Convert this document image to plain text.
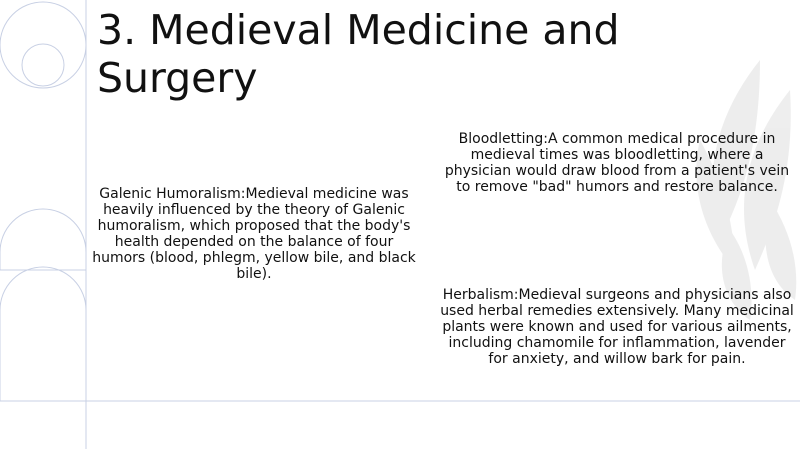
3. Medieval Medicine and Surgery
Galenic Humoralism:Medieval medicine was heavily influenced by the theory of Galenic humoralism, which proposed that the body's health depended on the balance of four humors (blood, phlegm, yellow bile, and black bile).
Bloodletting:A common medical procedure in medieval times was bloodletting, where a physician would draw blood from a patient's vein to remove "bad" humors and restore balance.
Herbalism:Medieval surgeons and physicians also used herbal remedies extensively. Many medicinal plants were known and used for various ailments, including chamomile for inflammation, lavender for anxiety, and willow bark for pain.
